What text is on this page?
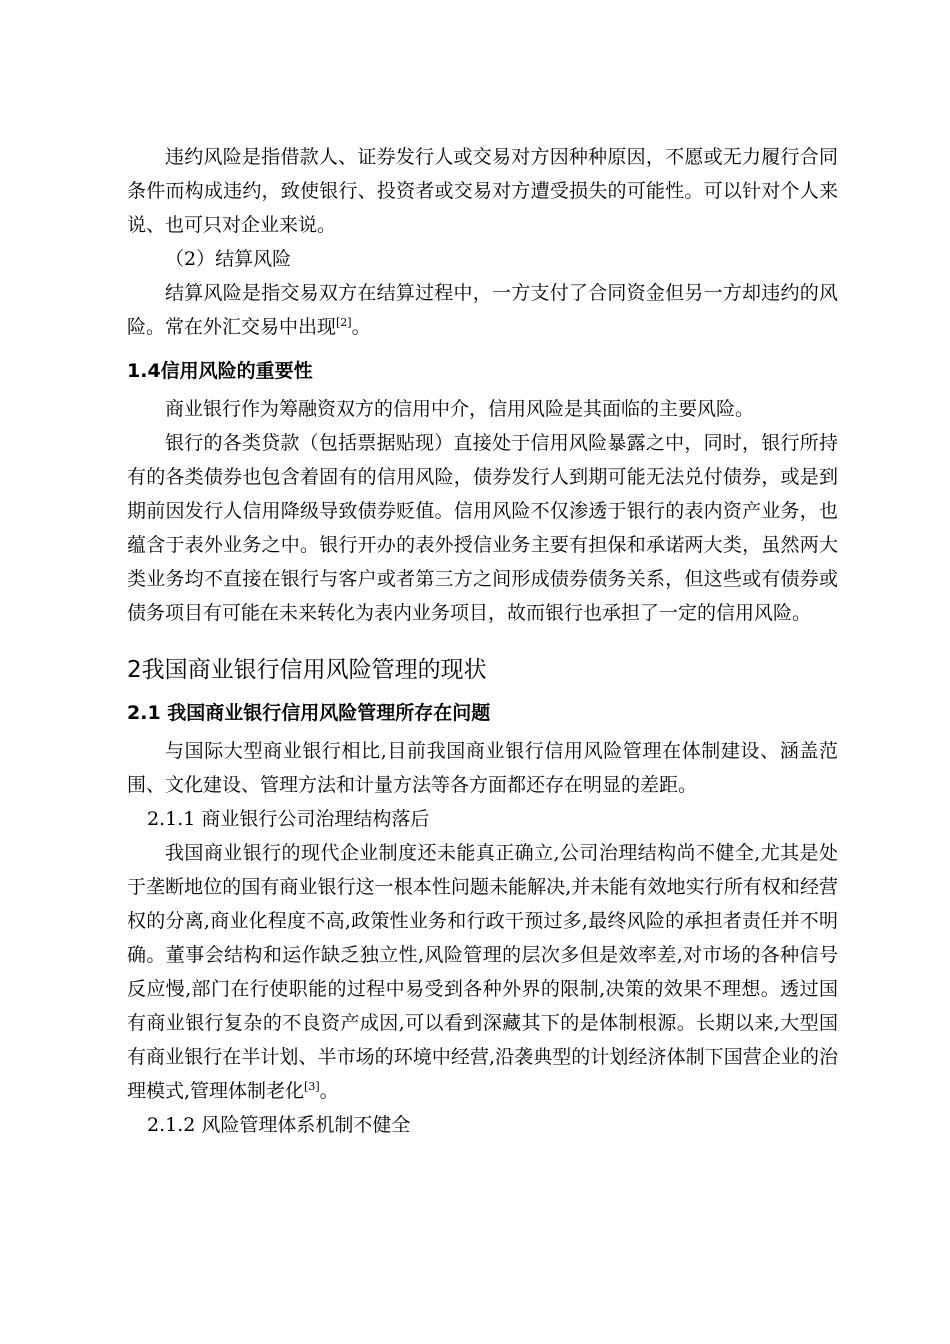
违约风险是指借款人、证券发行人或交易对方因种种原因，不愿或无力履行合同条件而构成违约，致使银行、投资者或交易对方遭受损失的可能性。可以针对个人来说、也可只对企业来说。

（2）结算风险

结算风险是指交易双方在结算过程中，一方支付了合同资金但另一方却违约的风险。常在外汇交易中出现[2]。

1.4信用风险的重要性

商业银行作为筹融资双方的信用中介，信用风险是其面临的主要风险。

银行的各类贷款（包括票据贴现）直接处于信用风险暴露之中，同时，银行所持有的各类债券也包含着固有的信用风险，债券发行人到期可能无法兑付债券，或是到期前因发行人信用降级导致债券贬值。信用风险不仅渗透于银行的表内资产业务，也蕴含于表外业务之中。银行开办的表外授信业务主要有担保和承诺两大类，虽然两大类业务均不直接在银行与客户或者第三方之间形成债券债务关系，但这些或有债券或债务项目有可能在未来转化为表内业务项目，故而银行也承担了一定的信用风险。

2我国商业银行信用风险管理的现状

2.1 我国商业银行信用风险管理所存在问题

与国际大型商业银行相比,目前我国商业银行信用风险管理在体制建设、涵盖范围、文化建设、管理方法和计量方法等各方面都还存在明显的差距。

2.1.1 商业银行公司治理结构落后

我国商业银行的现代企业制度还未能真正确立,公司治理结构尚不健全,尤其是处于垄断地位的国有商业银行这一根本性问题未能解决,并未能有效地实行所有权和经营权的分离,商业化程度不高,政策性业务和行政干预过多,最终风险的承担者责任并不明确。董事会结构和运作缺乏独立性,风险管理的层次多但是效率差,对市场的各种信号反应慢,部门在行使职能的过程中易受到各种外界的限制,决策的效果不理想。透过国有商业银行复杂的不良资产成因,可以看到深藏其下的是体制根源。长期以来,大型国有商业银行在半计划、半市场的环境中经营,沿袭典型的计划经济体制下国营企业的治理模式,管理体制老化[3]。

2.1.2 风险管理体系机制不健全
